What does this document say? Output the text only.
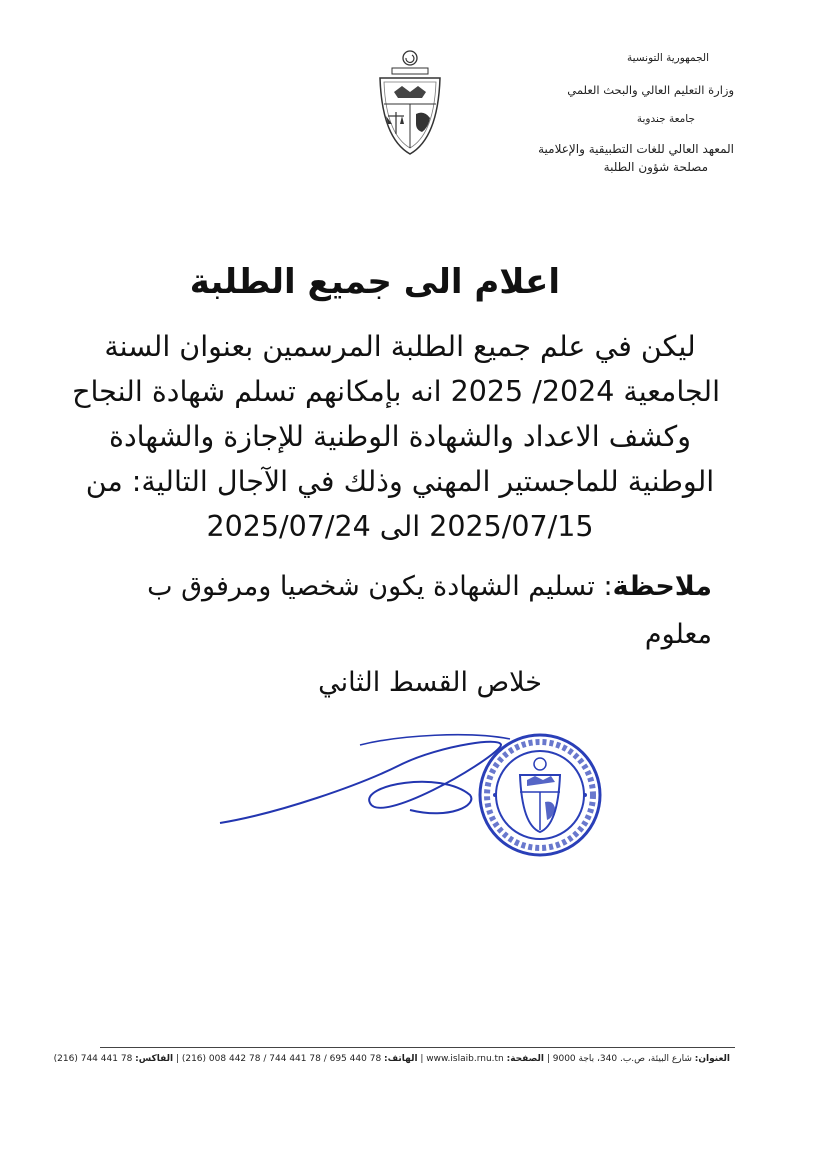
الجمهورية التونسية
وزارة التعليم العالي والبحث العلمي
جامعة جندوبة
المعهد العالي للغات التطبيقية والإعلامية
مصلحة شؤون الطلبة
اعلام الى جميع الطلبة
ليكن في علم جميع الطلبة المرسمين بعنوان السنة
الجامعية 2024/ 2025 انه بإمكانهم تسلم شهادة النجاح
وكشف الاعداد والشهادة الوطنية للإجازة والشهادة
الوطنية للماجستير المهني وذلك في الآجال التالية: من
2025/07/15 الى 2025/07/24
ملاحظة: تسليم الشهادة يكون شخصيا ومرفوق ب معلوم
خلاص القسط الثاني
العنوان: شارع البيئة، ص.ب. 340، باجة 9000 | الصفحة: www.islaib.rnu.tn | الهاتف: 78 440 695 / 78 441 744 / 78 442 008 (216) | الفاكس: 78 441 744 (216)
